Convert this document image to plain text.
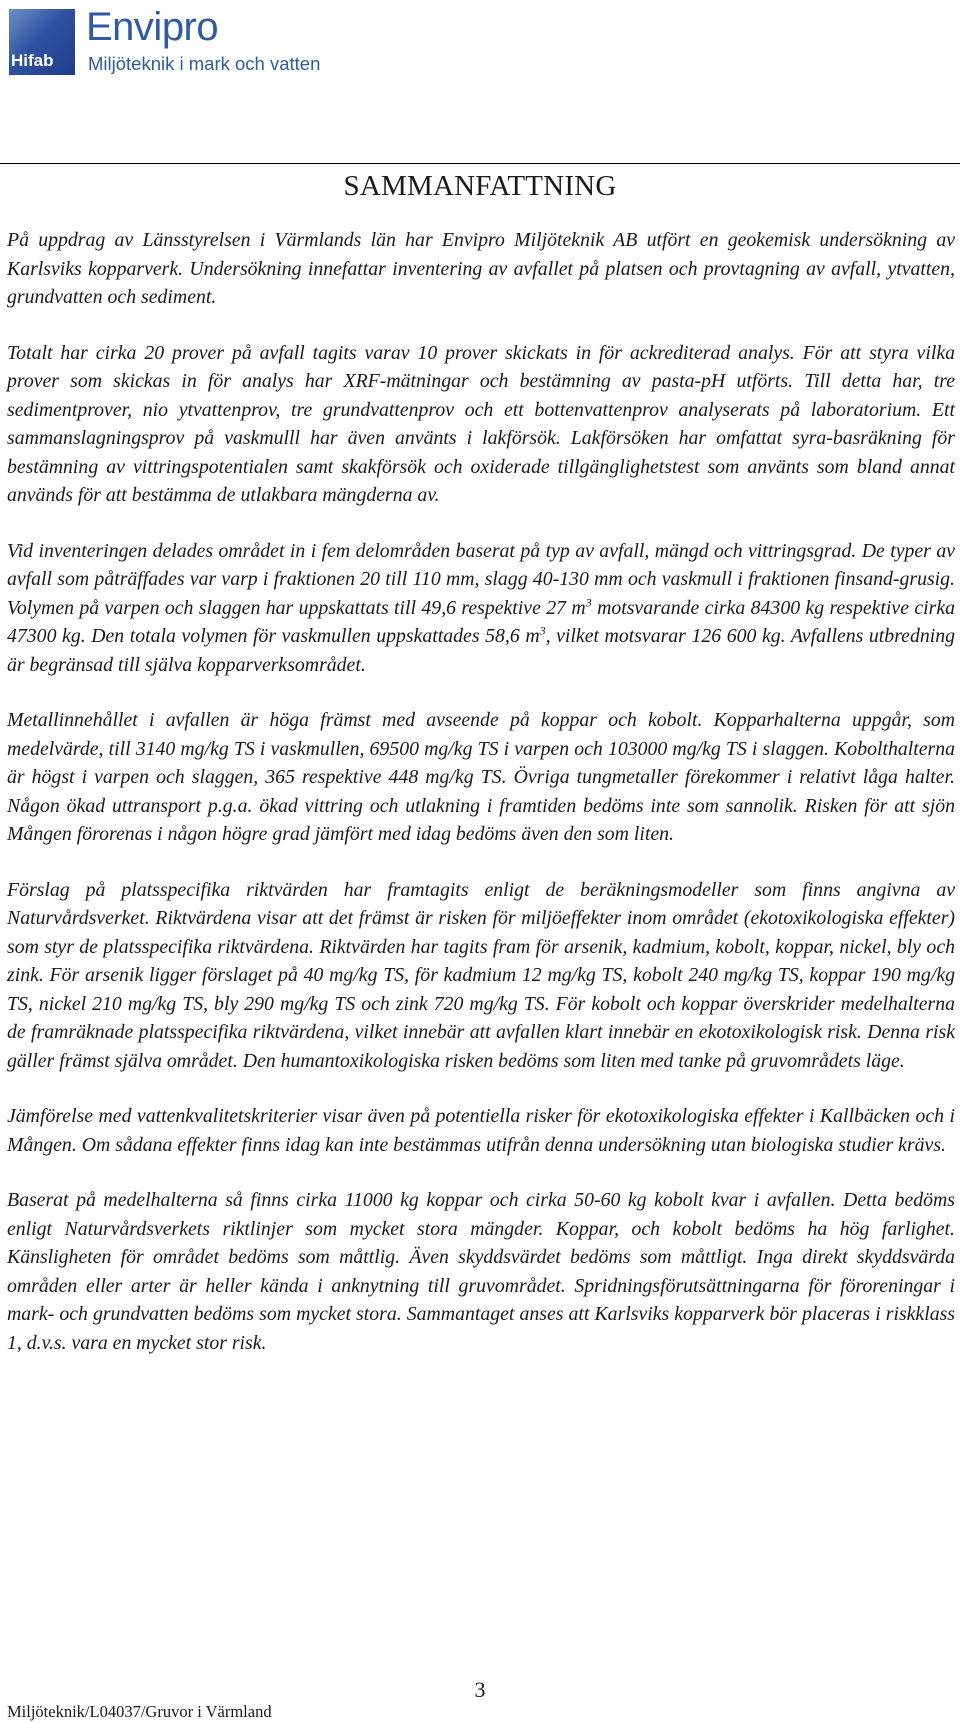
Hifab
Envipro
Miljöteknik i mark och vatten
SAMMANFATTNING

På uppdrag av Länsstyrelsen i Värmlands län har Envipro Miljöteknik AB utfört en geokemisk undersökning av Karlsviks kopparverk. Undersökning innefattar inventering av avfallet på platsen och provtagning av avfall, ytvatten, grundvatten och sediment.

Totalt har cirka 20 prover på avfall tagits varav 10 prover skickats in för ackrediterad analys. För att styra vilka prover som skickas in för analys har XRF-mätningar och bestämning av pasta-pH utförts. Till detta har, tre sedimentprover, nio ytvattenprov, tre grundvattenprov och ett bottenvattenprov analyserats på laboratorium. Ett sammanslagningsprov på vaskmulll har även använts i lakförsök. Lakförsöken har omfattat syra-basräkning för bestämning av vittringspotentialen samt skakförsök och oxiderade tillgänglighetstest som använts som bland annat används för att bestämma de utlakbara mängderna av.

Vid inventeringen delades området in i fem delområden baserat på typ av avfall, mängd och vittringsgrad. De typer av avfall som påträffades var varp i fraktionen 20 till 110 mm, slagg 40-130 mm och vaskmull i fraktionen finsand-grusig. Volymen på varpen och slaggen har uppskattats till 49,6 respektive 27 $m^3$ motsvarande cirka 84300 kg respektive cirka 47300 kg. Den totala volymen för vaskmullen uppskattades 58,6 $m^3$, vilket motsvarar 126 600 kg. Avfallens utbredning är begränsad till själva kopparverksområdet.

Metallinnehållet i avfallen är höga främst med avseende på koppar och kobolt. Kopparhalterna uppgår, som medelvärde, till 3140 mg/kg TS i vaskmullen, 69500 mg/kg TS i varpen och 103000 mg/kg TS i slaggen. Kobolthalterna är högst i varpen och slaggen, 365 respektive 448 mg/kg TS. Övriga tungmetaller förekommer i relativt låga halter. Någon ökad uttransport p.g.a. ökad vittring och utlakning i framtiden bedöms inte som sannolik. Risken för att sjön Mången förorenas i någon högre grad jämfört med idag bedöms även den som liten.

Förslag på platsspecifika riktvärden har framtagits enligt de beräkningsmodeller som finns angivna av Naturvårdsverket. Riktvärdena visar att det främst är risken för miljöeffekter inom området (ekotoxikologiska effekter) som styr de platsspecifika riktvärdena. Riktvärden har tagits fram för arsenik, kadmium, kobolt, koppar, nickel, bly och zink. För arsenik ligger förslaget på 40 mg/kg TS, för kadmium 12 mg/kg TS, kobolt 240 mg/kg TS, koppar 190 mg/kg TS, nickel 210 mg/kg TS, bly 290 mg/kg TS och zink 720 mg/kg TS. För kobolt och koppar överskrider medelhalterna de framräknade platsspecifika riktvärdena, vilket innebär att avfallen klart innebär en ekotoxikologisk risk. Denna risk gäller främst själva området. Den humantoxikologiska risken bedöms som liten med tanke på gruvområdets läge.

Jämförelse med vattenkvalitetskriterier visar även på potentiella risker för ekotoxikologiska effekter i Kallbäcken och i Mången. Om sådana effekter finns idag kan inte bestämmas utifrån denna undersökning utan biologiska studier krävs.

Baserat på medelhalterna så finns cirka 11000 kg koppar och cirka 50-60 kg kobolt kvar i avfallen. Detta bedöms enligt Naturvårdsverkets riktlinjer som mycket stora mängder. Koppar, och kobolt bedöms ha hög farlighet. Känsligheten för området bedöms som måttlig. Även skyddsvärdet bedöms som måttligt. Inga direkt skyddsvärda områden eller arter är heller kända i anknytning till gruvområdet. Spridningsförutsättningarna för föroreningar i mark- och grundvatten bedöms som mycket stora. Sammantaget anses att Karlsviks kopparverk bör placeras i riskklass 1, d.v.s. vara en mycket stor risk.

3
Miljöteknik/L04037/Gruvor i Värmland
